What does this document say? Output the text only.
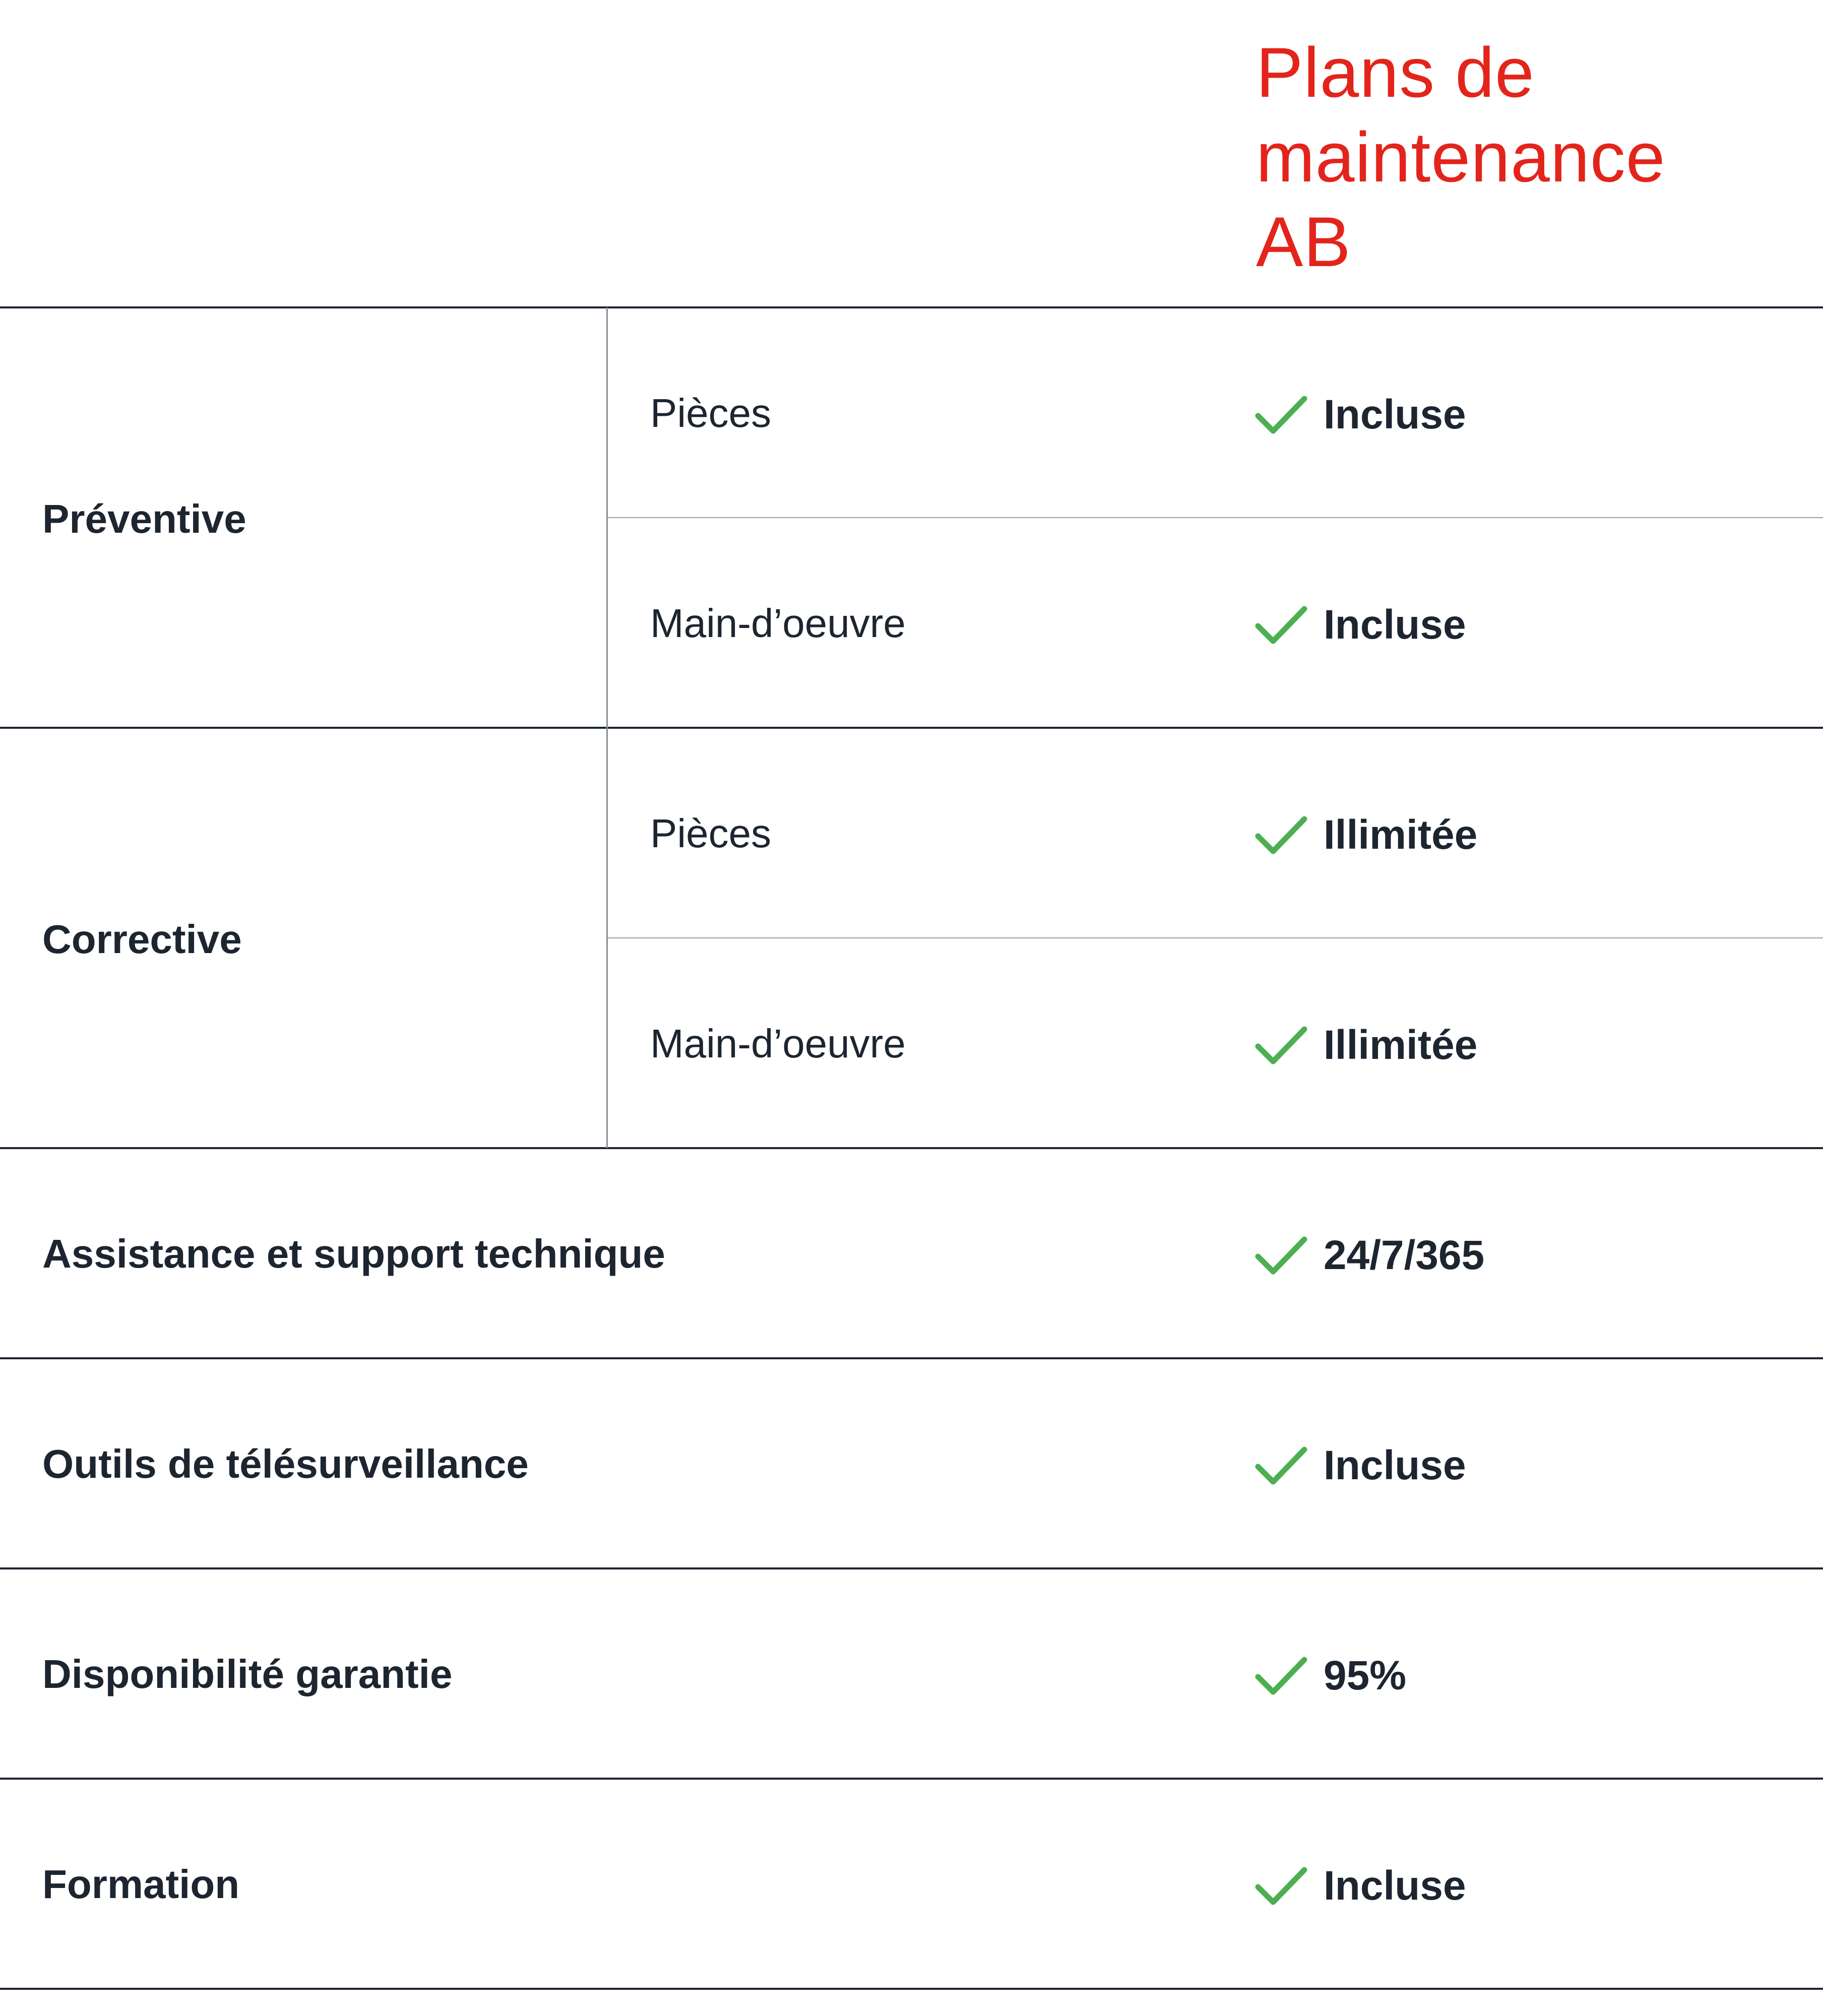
Plans de
maintenance
AB
Préventive
Pièces	Incluse
Main-d’oeuvre	Incluse
Corrective
Pièces	Illimitée
Main-d’oeuvre	Illimitée
Assistance et support technique	24/7/365
Outils de télésurveillance	Incluse
Disponibilité garantie	95%
Formation	Incluse
